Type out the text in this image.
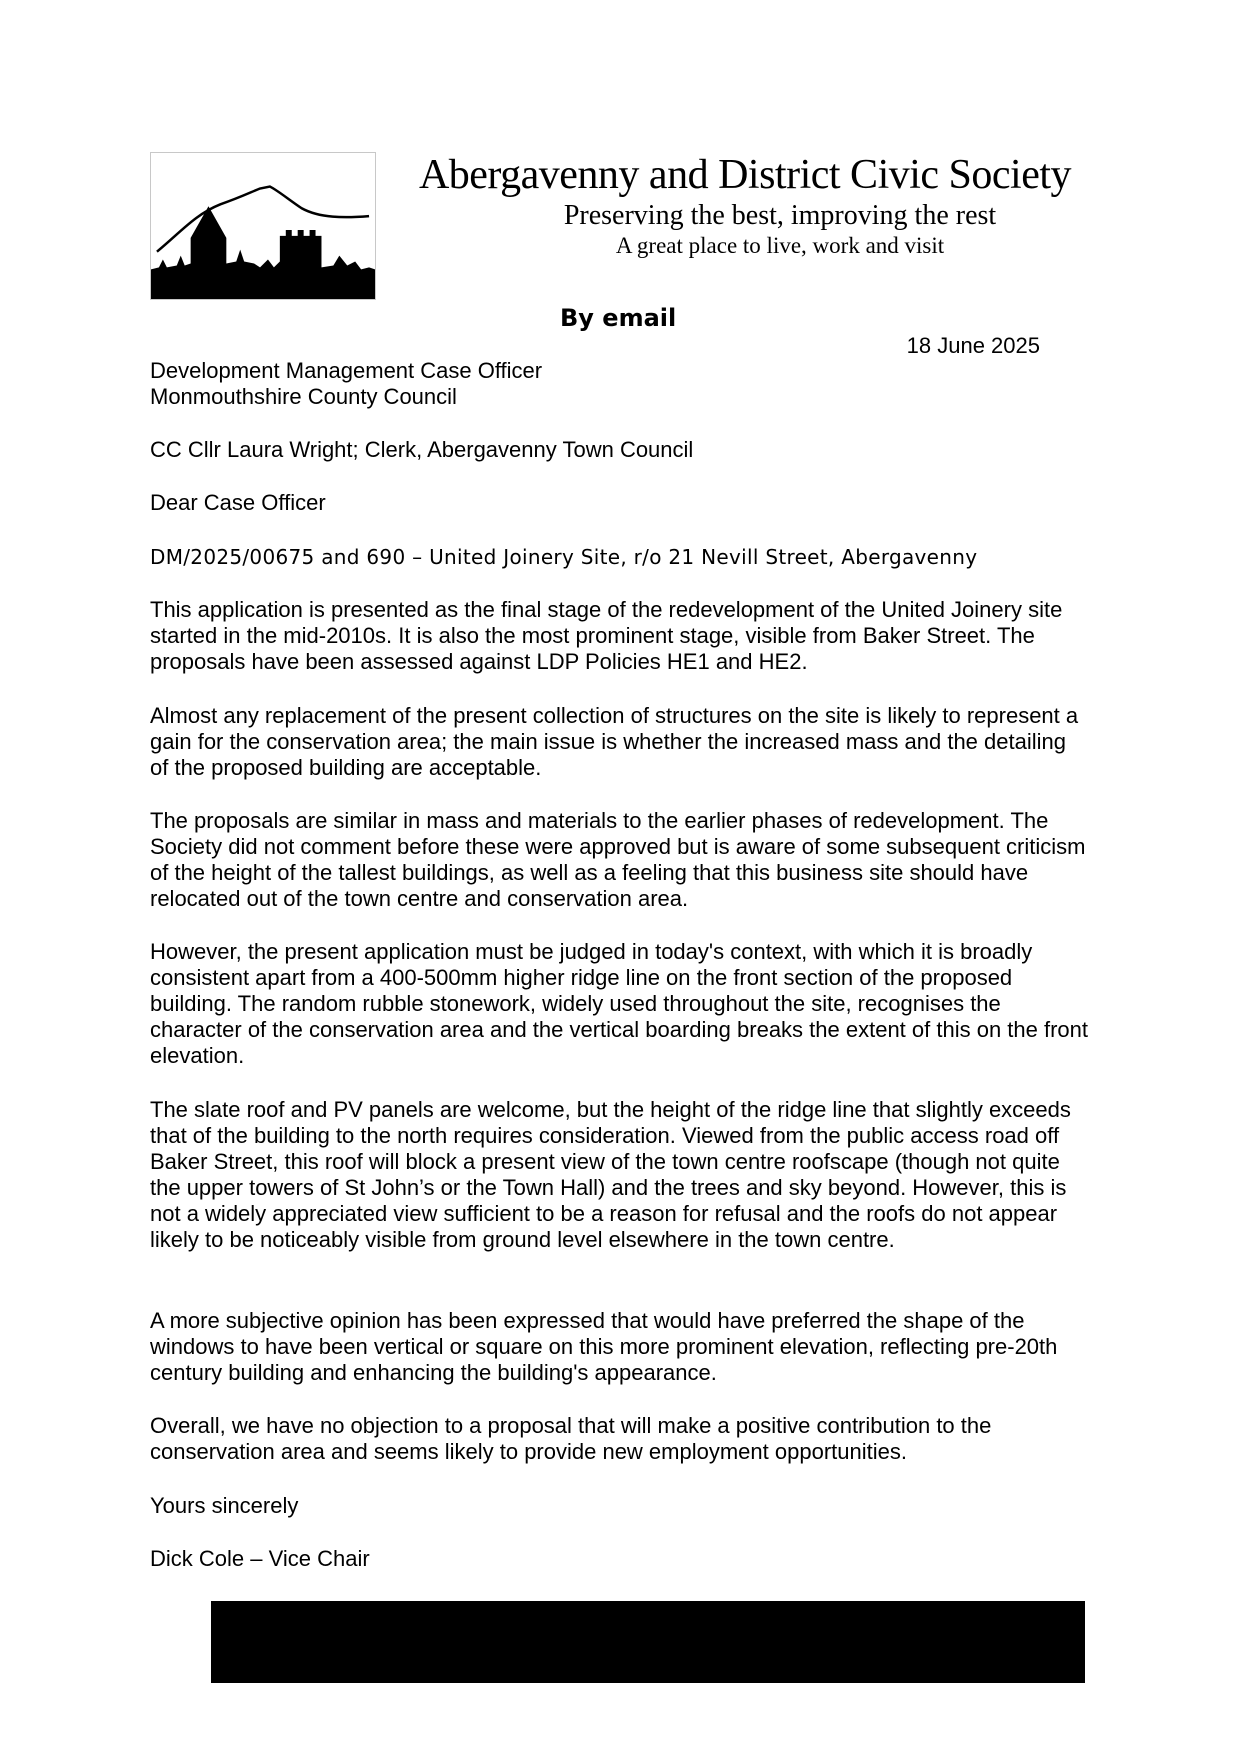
Abergavenny and District Civic Society
Preserving the best, improving the rest
A great place to live, work and visit
By email
18 June 2025

Development Management Case Officer

Monmouthshire County Council

CC Cllr Laura Wright; Clerk, Abergavenny Town Council

Dear Case Officer

DM/2025/00675 and 690 – United Joinery Site, r/o 21 Nevill Street, Abergavenny

This application is presented as the final stage of the redevelopment of the United Joinery site started in the mid-2010s. It is also the most prominent stage, visible from Baker Street. The proposals have been assessed against LDP Policies HE1 and HE2.

Almost any replacement of the present collection of structures on the site is likely to represent a gain for the conservation area; the main issue is whether the increased mass and the detailing of the proposed building are acceptable.

The proposals are similar in mass and materials to the earlier phases of redevelopment. The Society did not comment before these were approved but is aware of some subsequent criticism of the height of the tallest buildings, as well as a feeling that this business site should have relocated out of the town centre and conservation area.

However, the present application must be judged in today's context, with which it is broadly consistent apart from a 400-500mm higher ridge line on the front section of the proposed building. The random rubble stonework, widely used throughout the site, recognises the character of the conservation area and the vertical boarding breaks the extent of this on the front elevation.

The slate roof and PV panels are welcome, but the height of the ridge line that slightly exceeds that of the building to the north requires consideration. Viewed from the public access road off Baker Street, this roof will block a present view of the town centre roofscape (though not quite the upper towers of St John’s or the Town Hall) and the trees and sky beyond. However, this is not a widely appreciated view sufficient to be a reason for refusal and the roofs do not appear likely to be noticeably visible from ground level elsewhere in the town centre.

A more subjective opinion has been expressed that would have preferred the shape of the windows to have been vertical or square on this more prominent elevation, reflecting pre-20th century building and enhancing the building's appearance.

Overall, we have no objection to a proposal that will make a positive contribution to the conservation area and seems likely to provide new employment opportunities.

Yours sincerely

Dick Cole – Vice Chair
